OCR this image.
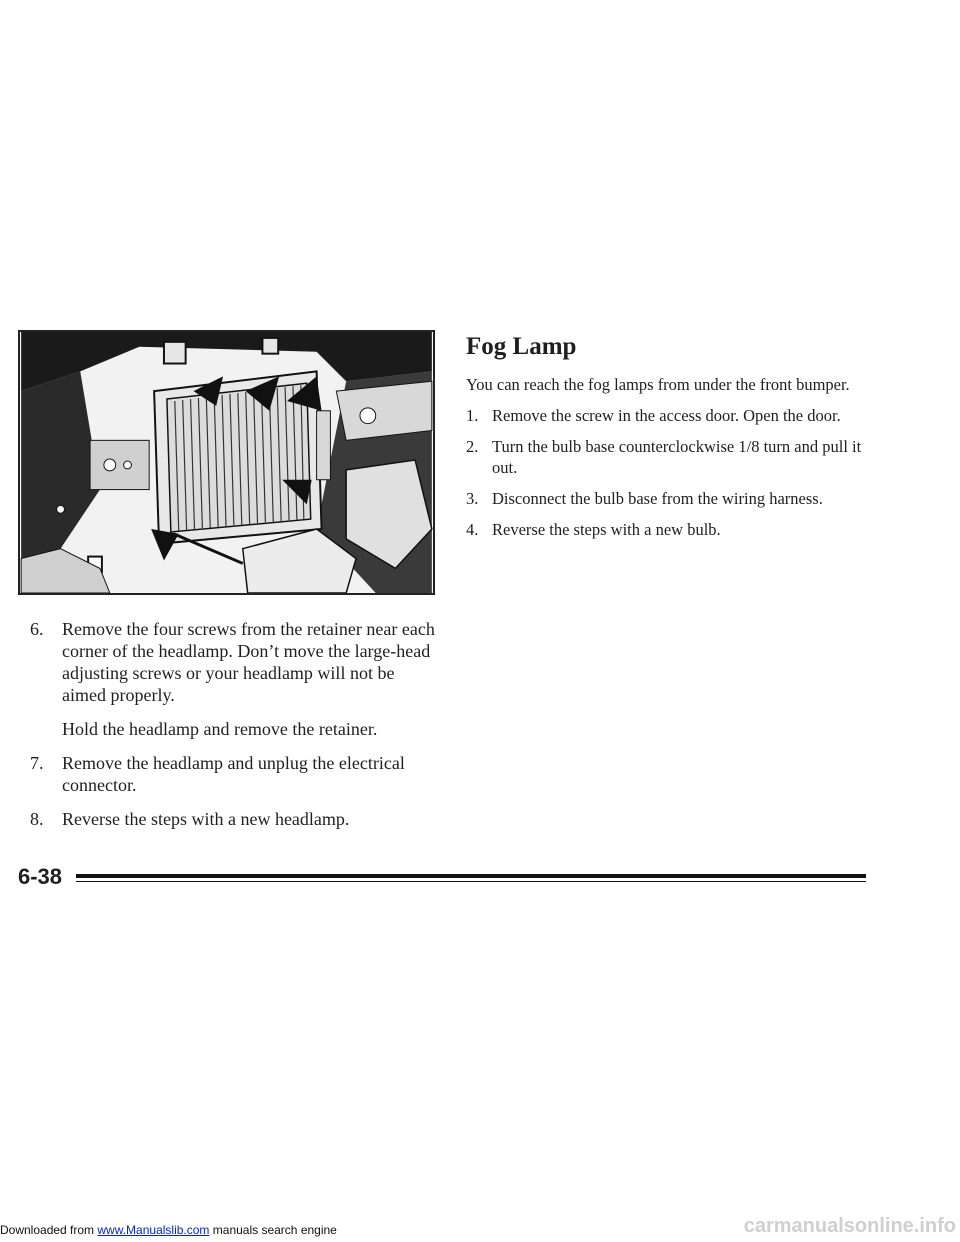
6. Remove the four screws from the retainer near each corner of the headlamp. Don’t move the large-head adjusting screws or your headlamp will not be aimed properly.
Hold the headlamp and remove the retainer.
7. Remove the headlamp and unplug the electrical connector.
8. Reverse the steps with a new headlamp.
Fog Lamp

You can reach the fog lamps from under the front bumper.

1. Remove the screw in the access door. Open the door.
2. Turn the bulb base counterclockwise 1/8 turn and pull it out.
3. Disconnect the bulb base from the wiring harness.
4. Reverse the steps with a new bulb.
6-38
Downloaded from www.Manualslib.com manuals search engine	carmanualsonline.info
